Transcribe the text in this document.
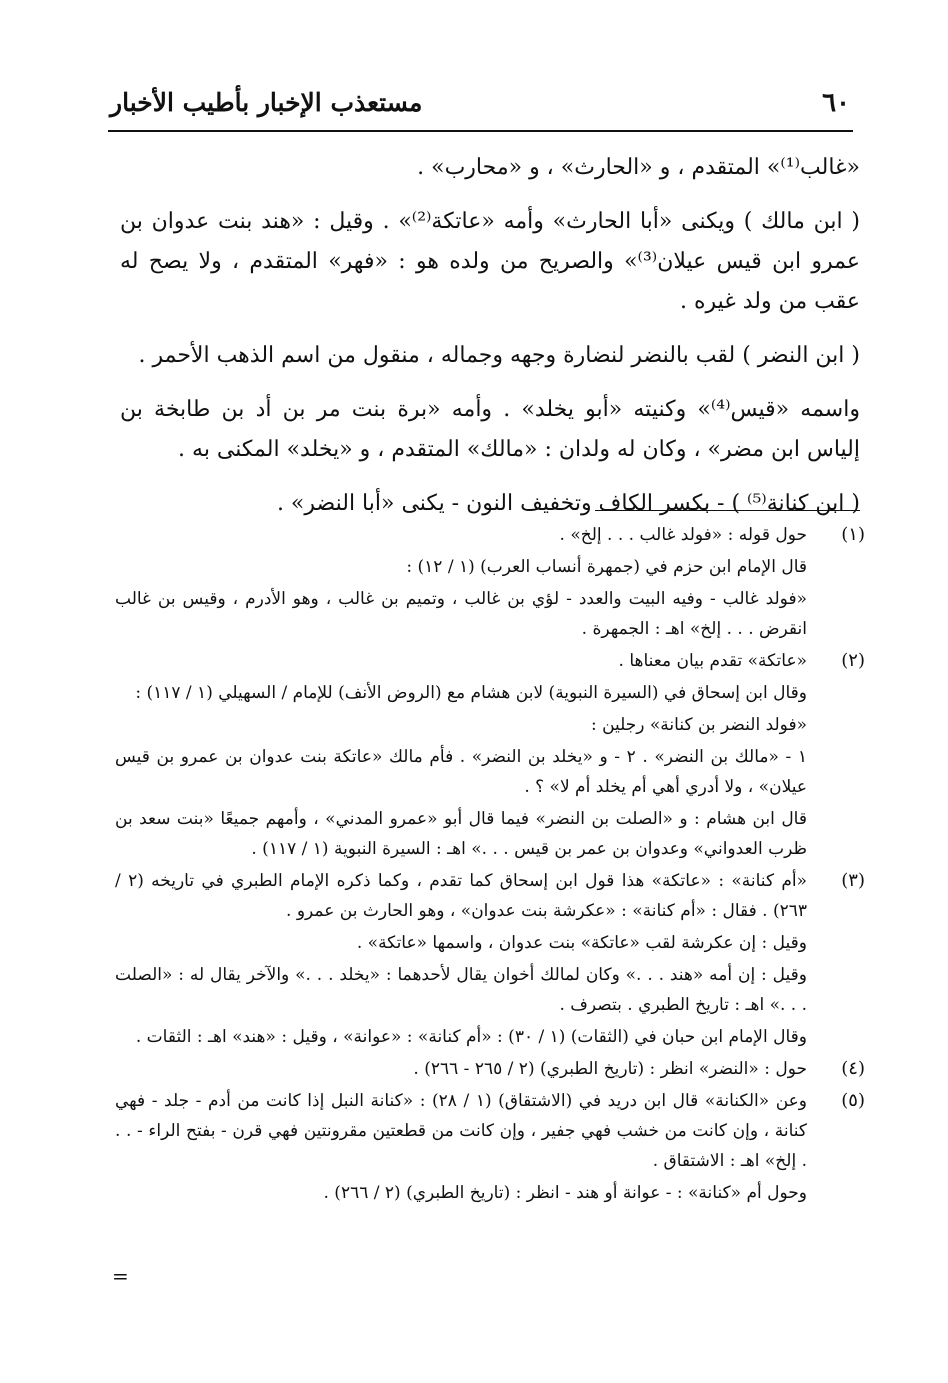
٦٠
مستعذب الإخبار بأطيب الأخبار

«غالب⁽¹⁾» المتقدم ، و «الحارث» ، و «محارب» .

( ابن مالك ) ويكنى «أبا الحارث» وأمه «عاتكة⁽²⁾» . وقيل : «هند بنت عدوان بن عمرو ابن قيس عيلان⁽³⁾» والصريح من ولده هو : «فهر» المتقدم ، ولا يصح له عقب من ولد غيره .

( ابن النضر ) لقب بالنضر لنضارة وجهه وجماله ، منقول من اسم الذهب الأحمر .

واسمه «قيس⁽⁴⁾» وكنيته «أبو يخلد» . وأمه «برة بنت مر بن أد بن طابخة بن إلياس ابن مضر» ، وكان له ولدان : «مالك» المتقدم ، و «يخلد» المكنى به .

( ابن كنانة⁽⁵⁾ ) - بكسر الكاف وتخفيف النون - يكنى «أبا النضر» .

(١)
حول قوله : «فولد غالب . . . إلخ» .
قال الإمام ابن حزم في (جمهرة أنساب العرب) (١ / ١٢) :
«فولد غالب - وفيه البيت والعدد - لؤي بن غالب ، وتميم بن غالب ، وهو الأدرم ، وقيس بن غالب انقرض . . . إلخ» اهـ : الجمهرة .
(٢)
«عاتكة» تقدم بيان معناها .
وقال ابن إسحاق في (السيرة النبوية) لابن هشام مع (الروض الأنف) للإمام / السهيلي (١ / ١١٧) :
«فولد النضر بن كنانة» رجلين :
١ - «مالك بن النضر» . ٢ - و «يخلد بن النضر» . فأم مالك «عاتكة بنت عدوان بن عمرو بن قيس عيلان» ، ولا أدري أهي أم يخلد أم لا» ؟ .
قال ابن هشام : و «الصلت بن النضر» فيما قال أبو «عمرو المدني» ، وأمهم جميعًا «بنت سعد بن ظرب العدواني» وعدوان بن عمر بن قيس . . .» اهـ : السيرة النبوية (١ / ١١٧) .
(٣)
«أم كنانة» : «عاتكة» هذا قول ابن إسحاق كما تقدم ، وكما ذكره الإمام الطبري في تاريخه (٢ / ٢٦٣) . فقال : «أم كنانة» : «عكرشة بنت عدوان» ، وهو الحارث بن عمرو .
وقيل : إن عكرشة لقب «عاتكة» بنت عدوان ، واسمها «عاتكة» .
وقيل : إن أمه «هند . . .» وكان لمالك أخوان يقال لأحدهما : «يخلد . . .» والآخر يقال له : «الصلت . . .» اهـ : تاريخ الطبري . بتصرف .
وقال الإمام ابن حبان في (الثقات) (١ / ٣٠) : «أم كنانة» : «عوانة» ، وقيل : «هند» اهـ : الثقات .
(٤)
حول : «النضر» انظر : (تاريخ الطبري) (٢ / ٢٦٥ - ٢٦٦) .
(٥)
وعن «الكنانة» قال ابن دريد في (الاشتقاق) (١ / ٢٨) : «كنانة النبل إذا كانت من أدم - جلد - فهي كنانة ، وإن كانت من خشب فهي جفير ، وإن كانت من قطعتين مقرونتين فهي قرن - بفتح الراء - . . . إلخ» اهـ : الاشتقاق .
وحول أم «كنانة» : - عوانة أو هند - انظر : (تاريخ الطبري) (٢ / ٢٦٦) .
=
